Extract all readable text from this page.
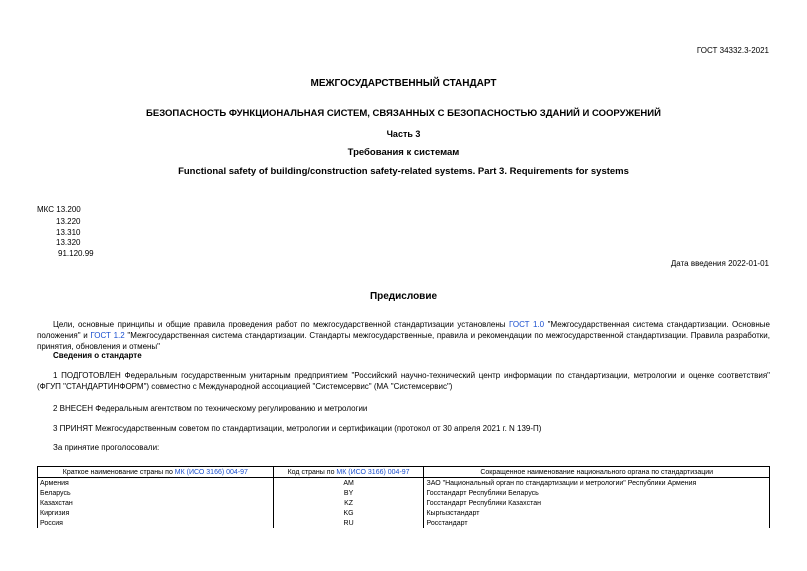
ГОСТ 34332.3-2021
МЕЖГОСУДАРСТВЕННЫЙ СТАНДАРТ
БЕЗОПАСНОСТЬ ФУНКЦИОНАЛЬНАЯ СИСТЕМ, СВЯЗАННЫХ С БЕЗОПАСНОСТЬЮ ЗДАНИЙ И СООРУЖЕНИЙ
Часть 3
Требования к системам
Functional safety of building/construction safety-related systems. Part 3. Requirements for systems
МКС 13.200
13.220
13.310
13.320
91.120.99
Дата введения 2022-01-01
Предисловие

Цели, основные принципы и общие правила проведения работ по межгосударственной стандартизации установлены ГОСТ 1.0 "Межгосударственная система стандартизации. Основные положения" и ГОСТ 1.2 "Межгосударственная система стандартизации. Стандарты межгосударственные, правила и рекомендации по межгосударственной стандартизации. Правила разработки, принятия, обновления и отмены"

Сведения о стандарте

1 ПОДГОТОВЛЕН Федеральным государственным унитарным предприятием "Российский научно-технический центр информации по стандартизации, метрологии и оценке соответствия" (ФГУП "СТАНДАРТИНФОРМ") совместно с Международной ассоциацией "Системсервис" (МА "Системсервис")

2 ВНЕСЕН Федеральным агентством по техническому регулированию и метрологии
3 ПРИНЯТ Межгосударственным советом по стандартизации, метрологии и сертификации (протокол от 30 апреля 2021 г. N 139-П)
За принятие проголосовали:
Краткое наименование страны по МК (ИСО 3166) 004-97	Код страны по МК (ИСО 3166) 004-97	Сокращенное наименование национального органа по стандартизации
Армения	AM	ЗАО "Национальный орган по стандартизации и метрологии" Республики Армения
Беларусь	BY	Госстандарт Республики Беларусь
Казахстан	KZ	Госстандарт Республики Казахстан
Киргизия	KG	Кыргызстандарт
Россия	RU	Росстандарт
